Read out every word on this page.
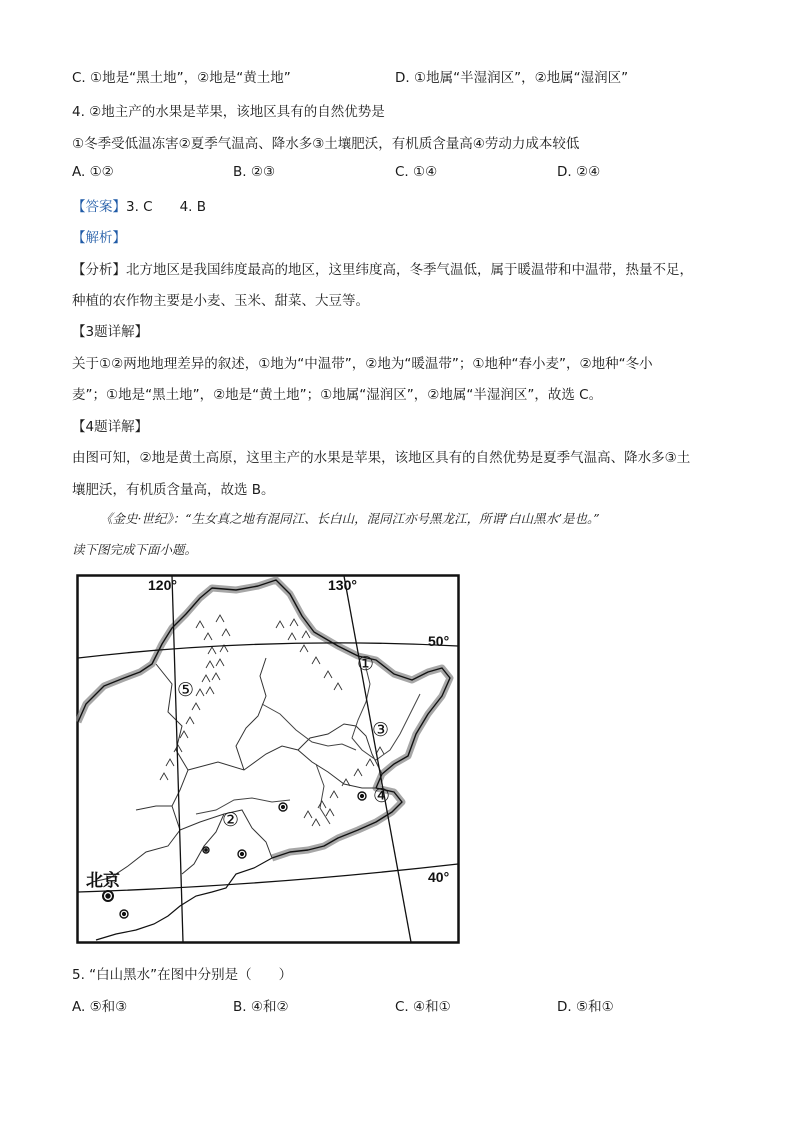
C. ①地是“黑土地”，②地是“黄土地”	D. ①地属“半湿润区”，②地属“湿润区”
4. ②地主产的水果是苹果，该地区具有的自然优势是
①冬季受低温冻害②夏季气温高、降水多③土壤肥沃，有机质含量高④劳动力成本较低
A. ①②	B. ②③	C. ①④	D. ②④
【答案】3. C　　4. B
【解析】
【分析】北方地区是我国纬度最高的地区，这里纬度高，冬季气温低，属于暖温带和中温带，热量不足，
种植的农作物主要是小麦、玉米、甜菜、大豆等。
【3题详解】
关于①②两地地理差异的叙述，①地为“中温带”，②地为“暖温带”；①地种“春小麦”，②地种“冬小
麦”；①地是“黑土地”，②地是“黄土地”；①地属“湿润区”，②地属“半湿润区”，故选 C。
【4题详解】
由图可知，②地是黄土高原，这里主产的水果是苹果，该地区具有的自然优势是夏季气温高、降水多③土
壤肥沃，有机质含量高，故选 B。
《金史·世纪》：“生女真之地有混同江、长白山，混同江亦号黑龙江，所谓‘白山黑水’是也。”
读下图完成下面小题。
120°	130°
50°
40°
北京
①
②
③
④
⑤
5. “白山黑水”在图中分别是（　　）
A. ⑤和③	B. ④和②	C. ④和①	D. ⑤和①
